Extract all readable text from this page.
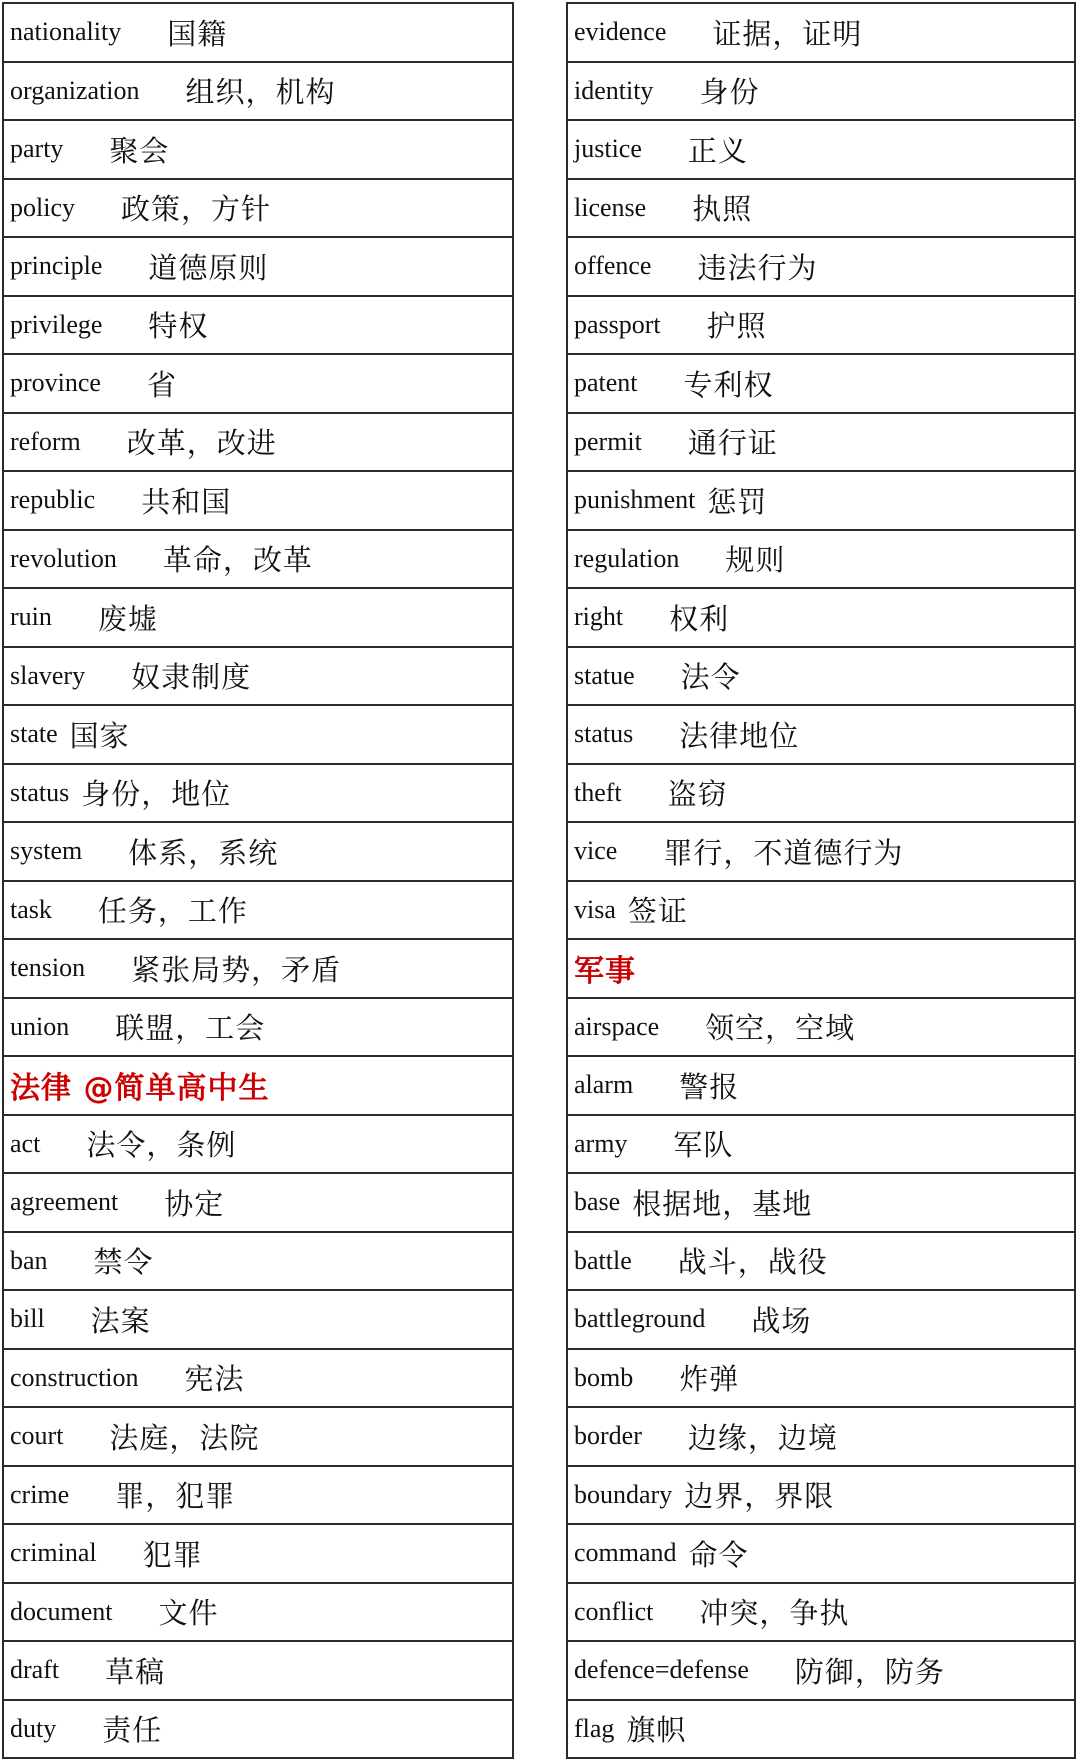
nationality 国籍
organization 组织，机构
party 聚会
policy 政策，方针
principle 道德原则
privilege 特权
province 省
reform 改革，改进
republic 共和国
revolution 革命，改革
ruin 废墟
slavery 奴隶制度
state 国家
status 身份，地位
system 体系，系统
task 任务，工作
tension 紧张局势，矛盾
union 联盟，工会
法律 @简单高中生
act 法令，条例
agreement 协定
ban 禁令
bill 法案
construction 宪法
court 法庭，法院
crime 罪，犯罪
criminal 犯罪
document 文件
draft 草稿
duty 责任
evidence 证据，证明
identity 身份
justice 正义
license 执照
offence 违法行为
passport 护照
patent 专利权
permit 通行证
punishment 惩罚
regulation 规则
right 权利
statue 法令
status 法律地位
theft 盗窃
vice 罪行，不道德行为
visa 签证
军事
airspace 领空，空域
alarm 警报
army 军队
base 根据地，基地
battle 战斗，战役
battleground 战场
bomb 炸弹
border 边缘，边境
boundary 边界，界限
command 命令
conflict 冲突，争执
defence=defense 防御，防务
flag 旗帜
